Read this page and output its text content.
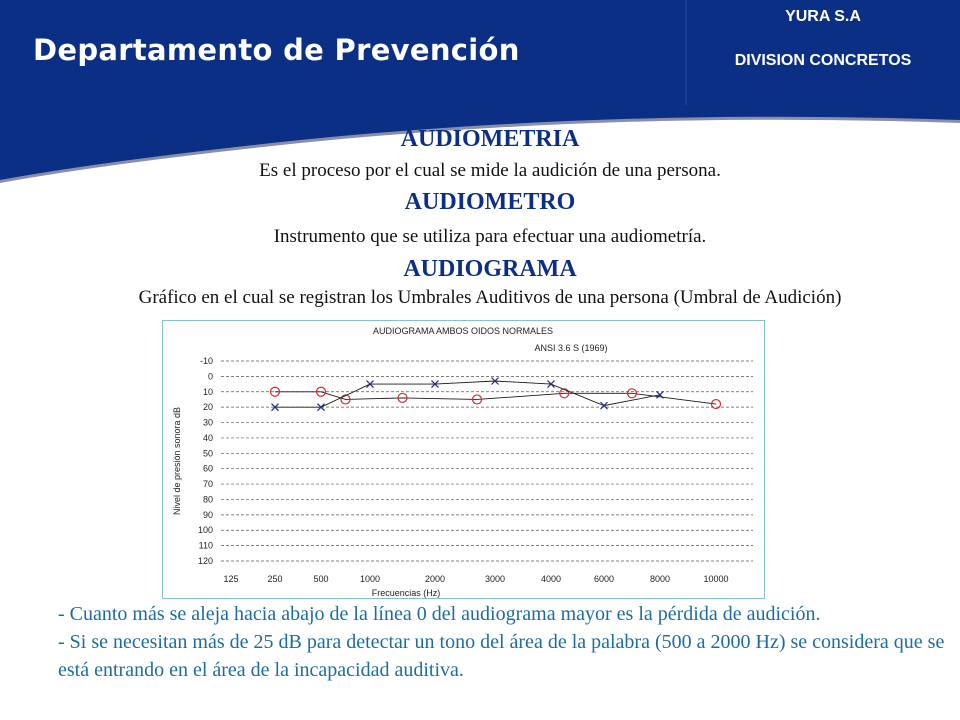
Departamento de Prevención
YURA S.A
DIVISION CONCRETOS
AUDIOMETRIA
Es el proceso por el cual se mide la audición de una persona.
AUDIOMETRO
Instrumento que se utiliza para efectuar una audiometría.
AUDIOGRAMA
Gráfico en el cual se registran los Umbrales Auditivos de una persona (Umbral de Audición)
AUDIOGRAMA AMBOS OIDOS NORMALES
ANSI 3.6 S (1969)
-10
0
10
20
30
40
50
60
70
80
90
100
110
120
125	250	500	1000	2000	3000	4000	6000	8000	10000
Frecuencias (Hz)
Nivel de presión sonora dB

- Cuanto más se aleja hacia abajo de la línea 0 del audiograma mayor es la pérdida de audición.

- Si se necesitan más de 25 dB para detectar un tono del área de la palabra (500 a 2000 Hz) se considera que se está entrando en el área de la incapacidad auditiva.
